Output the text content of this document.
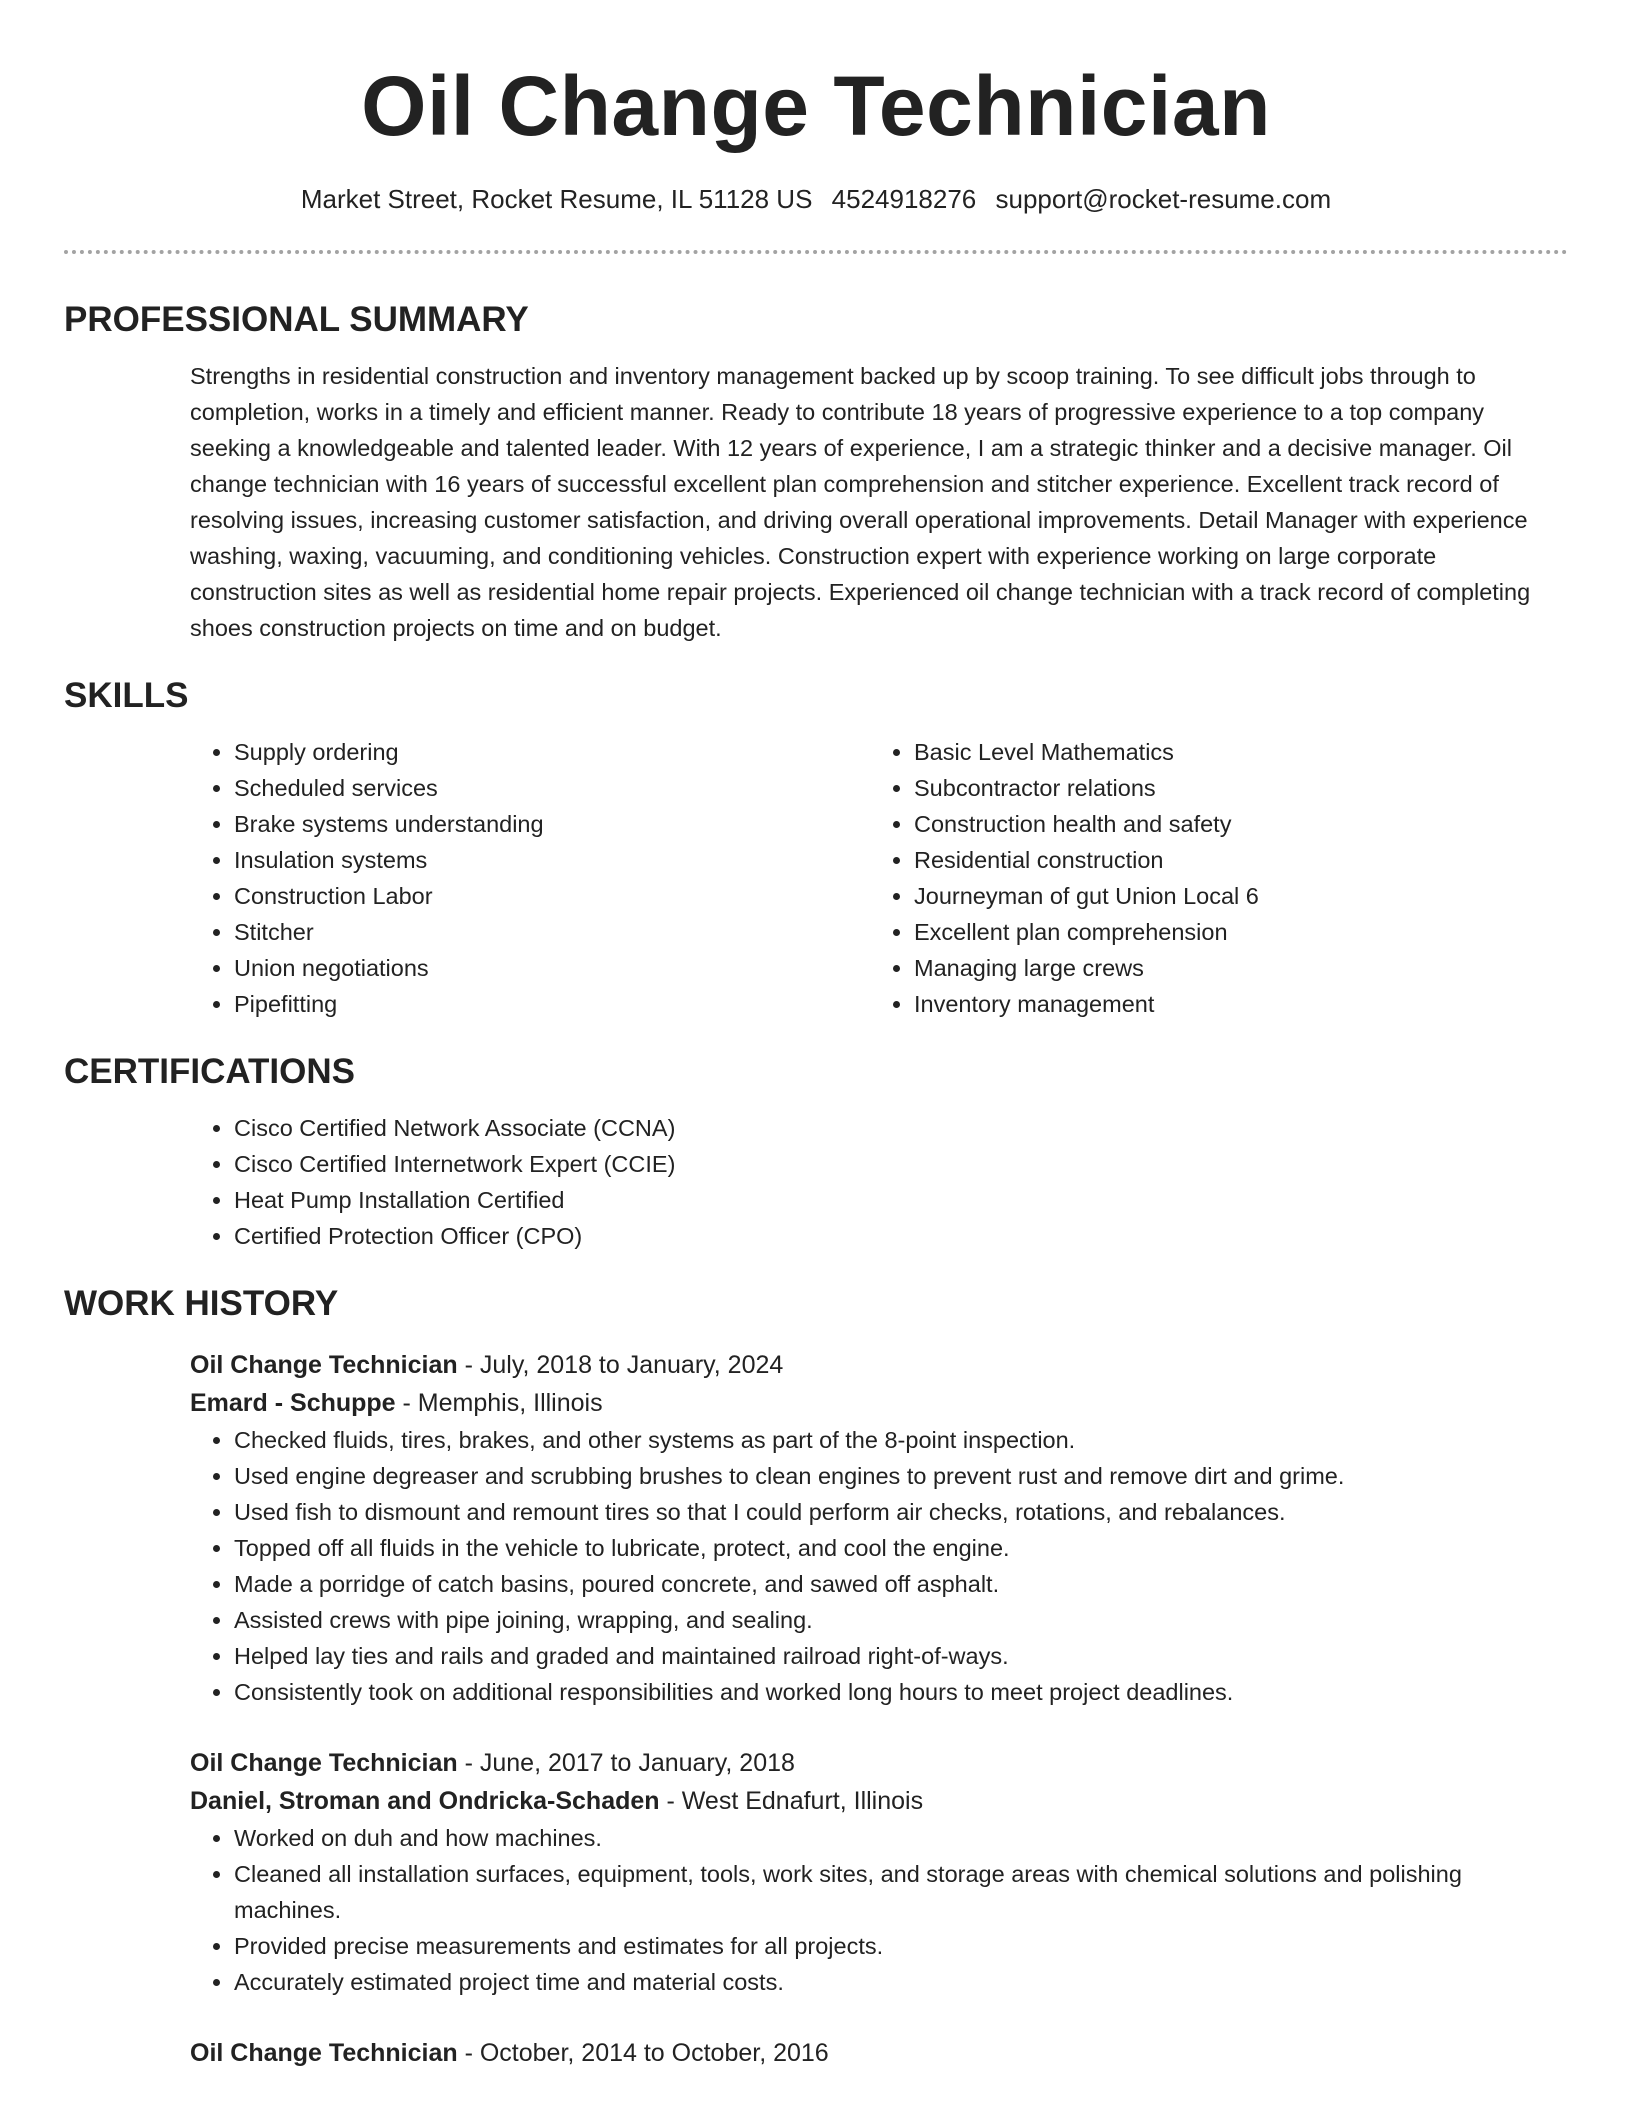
Oil Change Technician
Market Street, Rocket Resume, IL 51128 US 4524918276 support@rocket-resume.com
PROFESSIONAL SUMMARY
Strengths in residential construction and inventory management backed up by scoop training. To see difficult jobs through to completion, works in a timely and efficient manner. Ready to contribute 18 years of progressive experience to a top company seeking a knowledgeable and talented leader. With 12 years of experience, I am a strategic thinker and a decisive manager. Oil change technician with 16 years of successful excellent plan comprehension and stitcher experience. Excellent track record of resolving issues, increasing customer satisfaction, and driving overall operational improvements. Detail Manager with experience washing, waxing, vacuuming, and conditioning vehicles. Construction expert with experience working on large corporate construction sites as well as residential home repair projects. Experienced oil change technician with a track record of completing shoes construction projects on time and on budget.
SKILLS
• Supply ordering
• Scheduled services
• Brake systems understanding
• Insulation systems
• Construction Labor
• Stitcher
• Union negotiations
• Pipefitting
• Basic Level Mathematics
• Subcontractor relations
• Construction health and safety
• Residential construction
• Journeyman of gut Union Local 6
• Excellent plan comprehension
• Managing large crews
• Inventory management
CERTIFICATIONS
• Cisco Certified Network Associate (CCNA)
• Cisco Certified Internetwork Expert (CCIE)
• Heat Pump Installation Certified
• Certified Protection Officer (CPO)
WORK HISTORY
Oil Change Technician - July, 2018 to January, 2024
Emard - Schuppe - Memphis, Illinois
• Checked fluids, tires, brakes, and other systems as part of the 8-point inspection.
• Used engine degreaser and scrubbing brushes to clean engines to prevent rust and remove dirt and grime.
• Used fish to dismount and remount tires so that I could perform air checks, rotations, and rebalances.
• Topped off all fluids in the vehicle to lubricate, protect, and cool the engine.
• Made a porridge of catch basins, poured concrete, and sawed off asphalt.
• Assisted crews with pipe joining, wrapping, and sealing.
• Helped lay ties and rails and graded and maintained railroad right-of-ways.
• Consistently took on additional responsibilities and worked long hours to meet project deadlines.
Oil Change Technician - June, 2017 to January, 2018
Daniel, Stroman and Ondricka-Schaden - West Ednafurt, Illinois
• Worked on duh and how machines.
• Cleaned all installation surfaces, equipment, tools, work sites, and storage areas with chemical solutions and polishing machines.
• Provided precise measurements and estimates for all projects.
• Accurately estimated project time and material costs.
Oil Change Technician - October, 2014 to October, 2016
